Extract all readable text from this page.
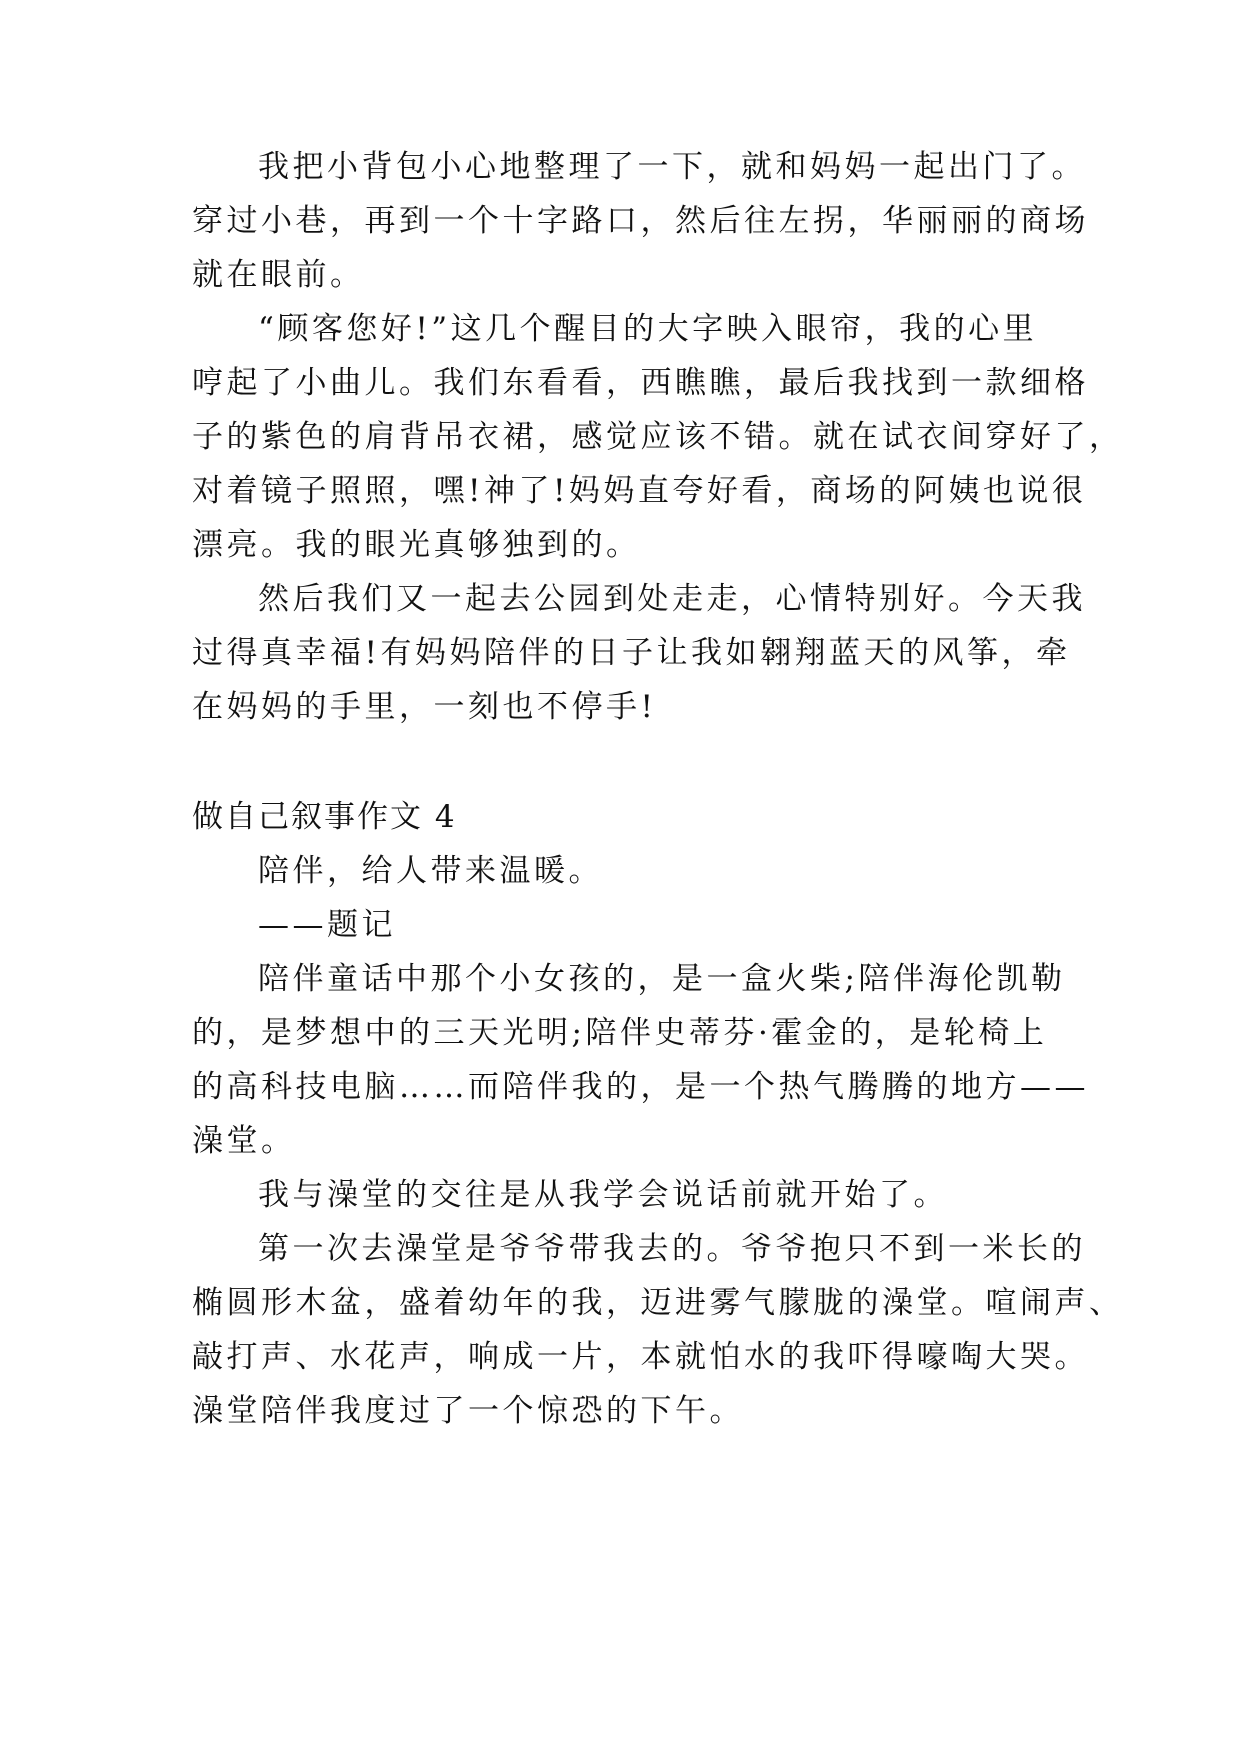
我把小背包小心地整理了一下，就和妈妈一起出门了。
穿过小巷，再到一个十字路口，然后往左拐，华丽丽的商场
就在眼前。
“顾客您好!”这几个醒目的大字映入眼帘，我的心里
哼起了小曲儿。我们东看看，西瞧瞧，最后我找到一款细格
子的紫色的肩背吊衣裙，感觉应该不错。就在试衣间穿好了，
对着镜子照照，嘿!神了!妈妈直夸好看，商场的阿姨也说很
漂亮。我的眼光真够独到的。
然后我们又一起去公园到处走走，心情特别好。今天我
过得真幸福!有妈妈陪伴的日子让我如翱翔蓝天的风筝，牵
在妈妈的手里，一刻也不停手!
做自己叙事作文 4
陪伴，给人带来温暖。
——题记
陪伴童话中那个小女孩的，是一盒火柴;陪伴海伦凯勒
的，是梦想中的三天光明;陪伴史蒂芬·霍金的，是轮椅上
的高科技电脑……而陪伴我的，是一个热气腾腾的地方——
澡堂。
我与澡堂的交往是从我学会说话前就开始了。
第一次去澡堂是爷爷带我去的。爷爷抱只不到一米长的
椭圆形木盆，盛着幼年的我，迈进雾气朦胧的澡堂。喧闹声、
敲打声、水花声，响成一片，本就怕水的我吓得嚎啕大哭。
澡堂陪伴我度过了一个惊恐的下午。
